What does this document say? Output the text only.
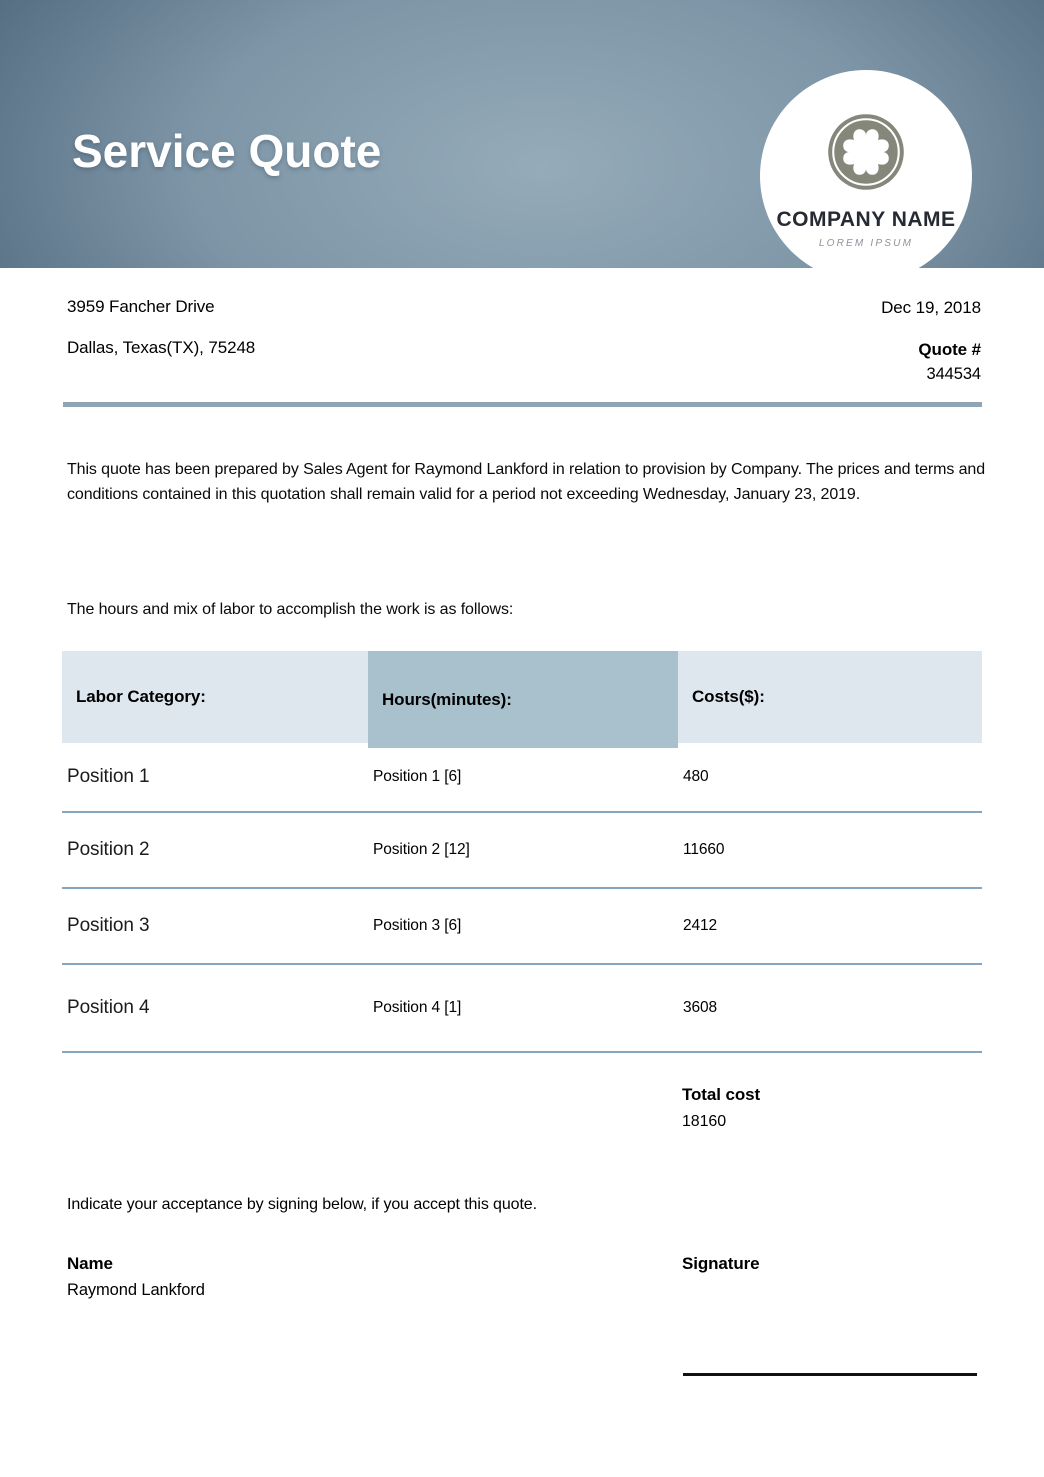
Service Quote
COMPANY NAME
LOREM IPSUM
3959 Fancher Drive
Dallas, Texas(TX), 75248
Dec 19, 2018
Quote #
344534

This quote has been prepared by Sales Agent for Raymond Lankford in relation to provision by Company. The prices and terms and conditions contained in this quotation shall remain valid for a period not exceeding Wednesday, January 23, 2019.

The hours and mix of labor to accomplish the work is as follows:

Labor Category:	Hours(minutes):	Costs($):
Position 1	Position 1 [6]	480
Position 2	Position 2 [12]	11660
Position 3	Position 3 [6]	2412
Position 4	Position 4 [1]	3608
Total cost
18160

Indicate your acceptance by signing below, if you accept this quote.

Name
Raymond Lankford
Signature
